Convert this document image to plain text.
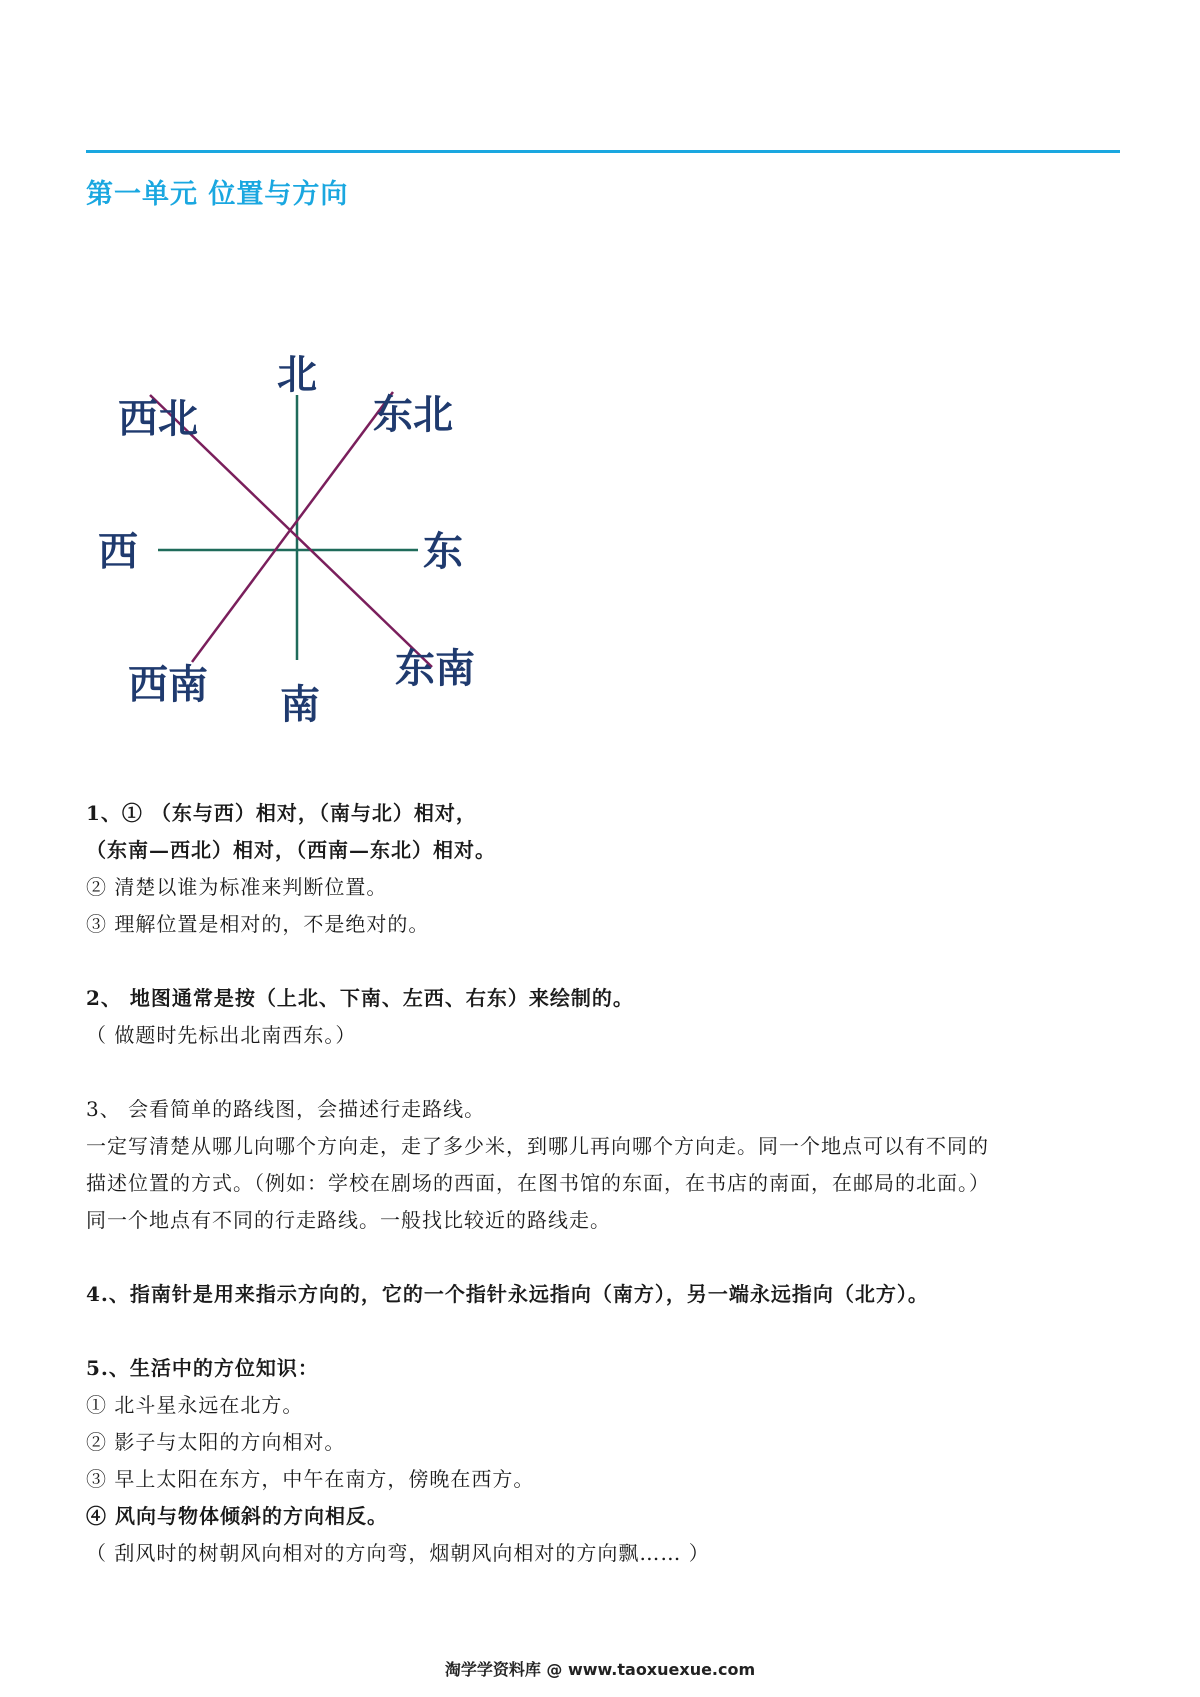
第一单元 位置与方向
北
西北	东北
西	东
西南	东南
南

1、① （东与西）相对，（南与北）相对，

（东南—西北）相对，（西南—东北）相对。

② 清楚以谁为标准来判断位置。

③ 理解位置是相对的，不是绝对的。

2、 地图通常是按（上北、下南、左西、右东）来绘制的。

（ 做题时先标出北南西东。）

3、 会看简单的路线图，会描述行走路线。

一定写清楚从哪儿向哪个方向走，走了多少米，到哪儿再向哪个方向走。同一个地点可以有不同的

描述位置的方式。（例如：学校在剧场的西面，在图书馆的东面，在书店的南面，在邮局的北面。）

同一个地点有不同的行走路线。一般找比较近的路线走。

4.、指南针是用来指示方向的，它的一个指针永远指向（南方），另一端永远指向（北方）。

5.、生活中的方位知识：

① 北斗星永远在北方。

② 影子与太阳的方向相对。

③ 早上太阳在东方，中午在南方，傍晚在西方。

④ 风向与物体倾斜的方向相反。

（ 刮风时的树朝风向相对的方向弯，烟朝风向相对的方向飘…… ）

淘学学资料库 @ www.taoxuexue.com
